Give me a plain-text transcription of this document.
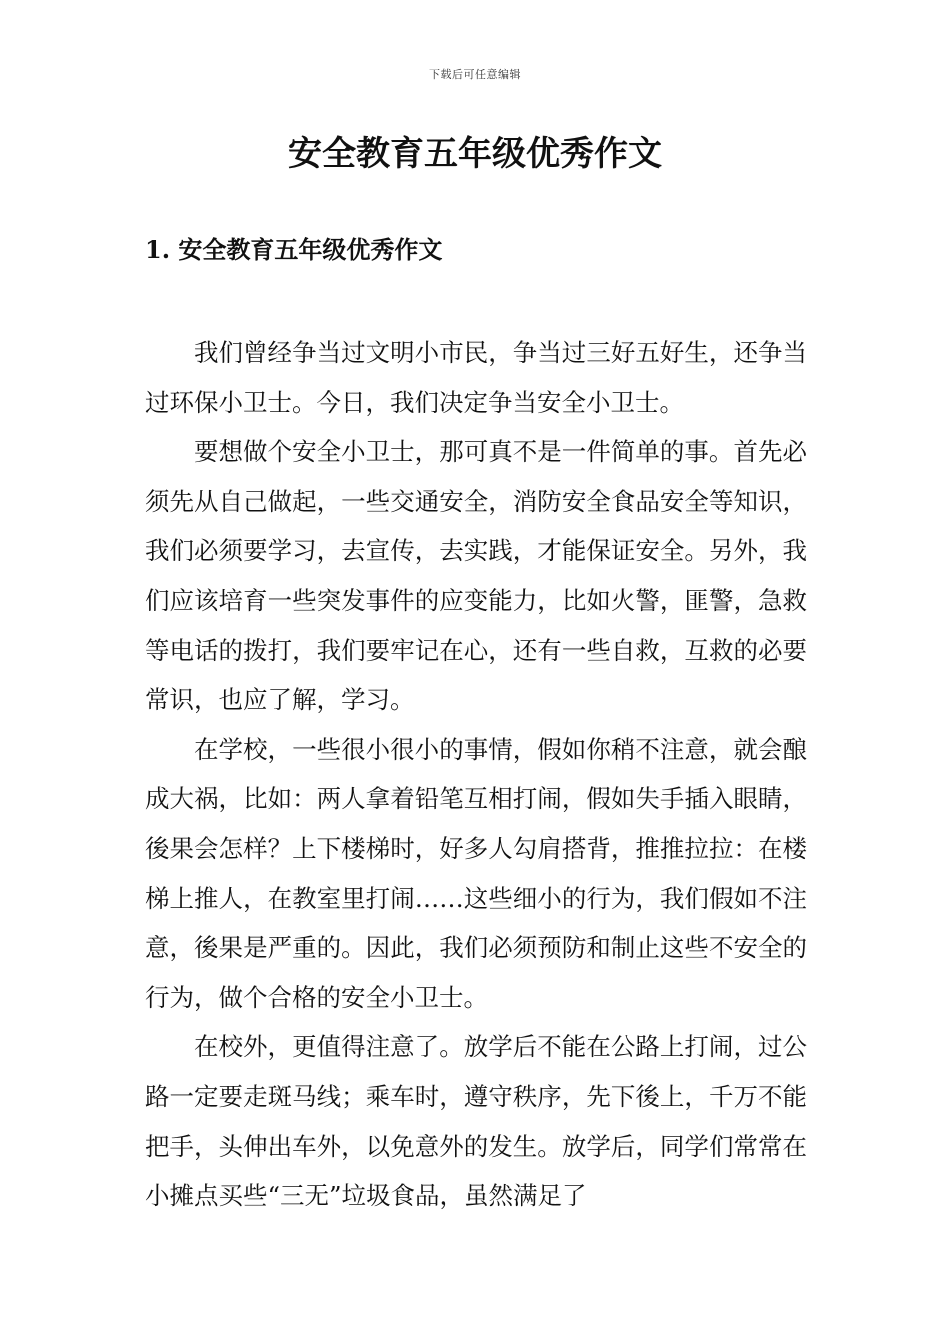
下载后可任意编辑
安全教育五年级优秀作文
1. 安全教育五年级优秀作文

我们曾经争当过文明小市民，争当过三好五好生，还争当过环保小卫士。今日，我们决定争当安全小卫士。

要想做个安全小卫士，那可真不是一件简单的事。首先必须先从自己做起，一些交通安全，消防安全食品安全等知识，我们必须要学习，去宣传，去实践，才能保证安全。另外，我们应该培育一些突发事件的应变能力，比如火警，匪警，急救等电话的拨打，我们要牢记在心，还有一些自救，互救的必要常识，也应了解，学习。

在学校，一些很小很小的事情，假如你稍不注意，就会酿成大祸，比如：两人拿着铅笔互相打闹，假如失手插入眼睛，後果会怎样？上下楼梯时，好多人勾肩搭背，推推拉拉：在楼梯上推人，在教室里打闹……这些细小的行为，我们假如不注意，後果是严重的。因此，我们必须预防和制止这些不安全的行为，做个合格的安全小卫士。

在校外，更值得注意了。放学后不能在公路上打闹，过公路一定要走斑马线；乘车时，遵守秩序，先下後上，千万不能把手，头伸出车外，以免意外的发生。放学后，同学们常常在小摊点买些“三无”垃圾食品，虽然满足了
